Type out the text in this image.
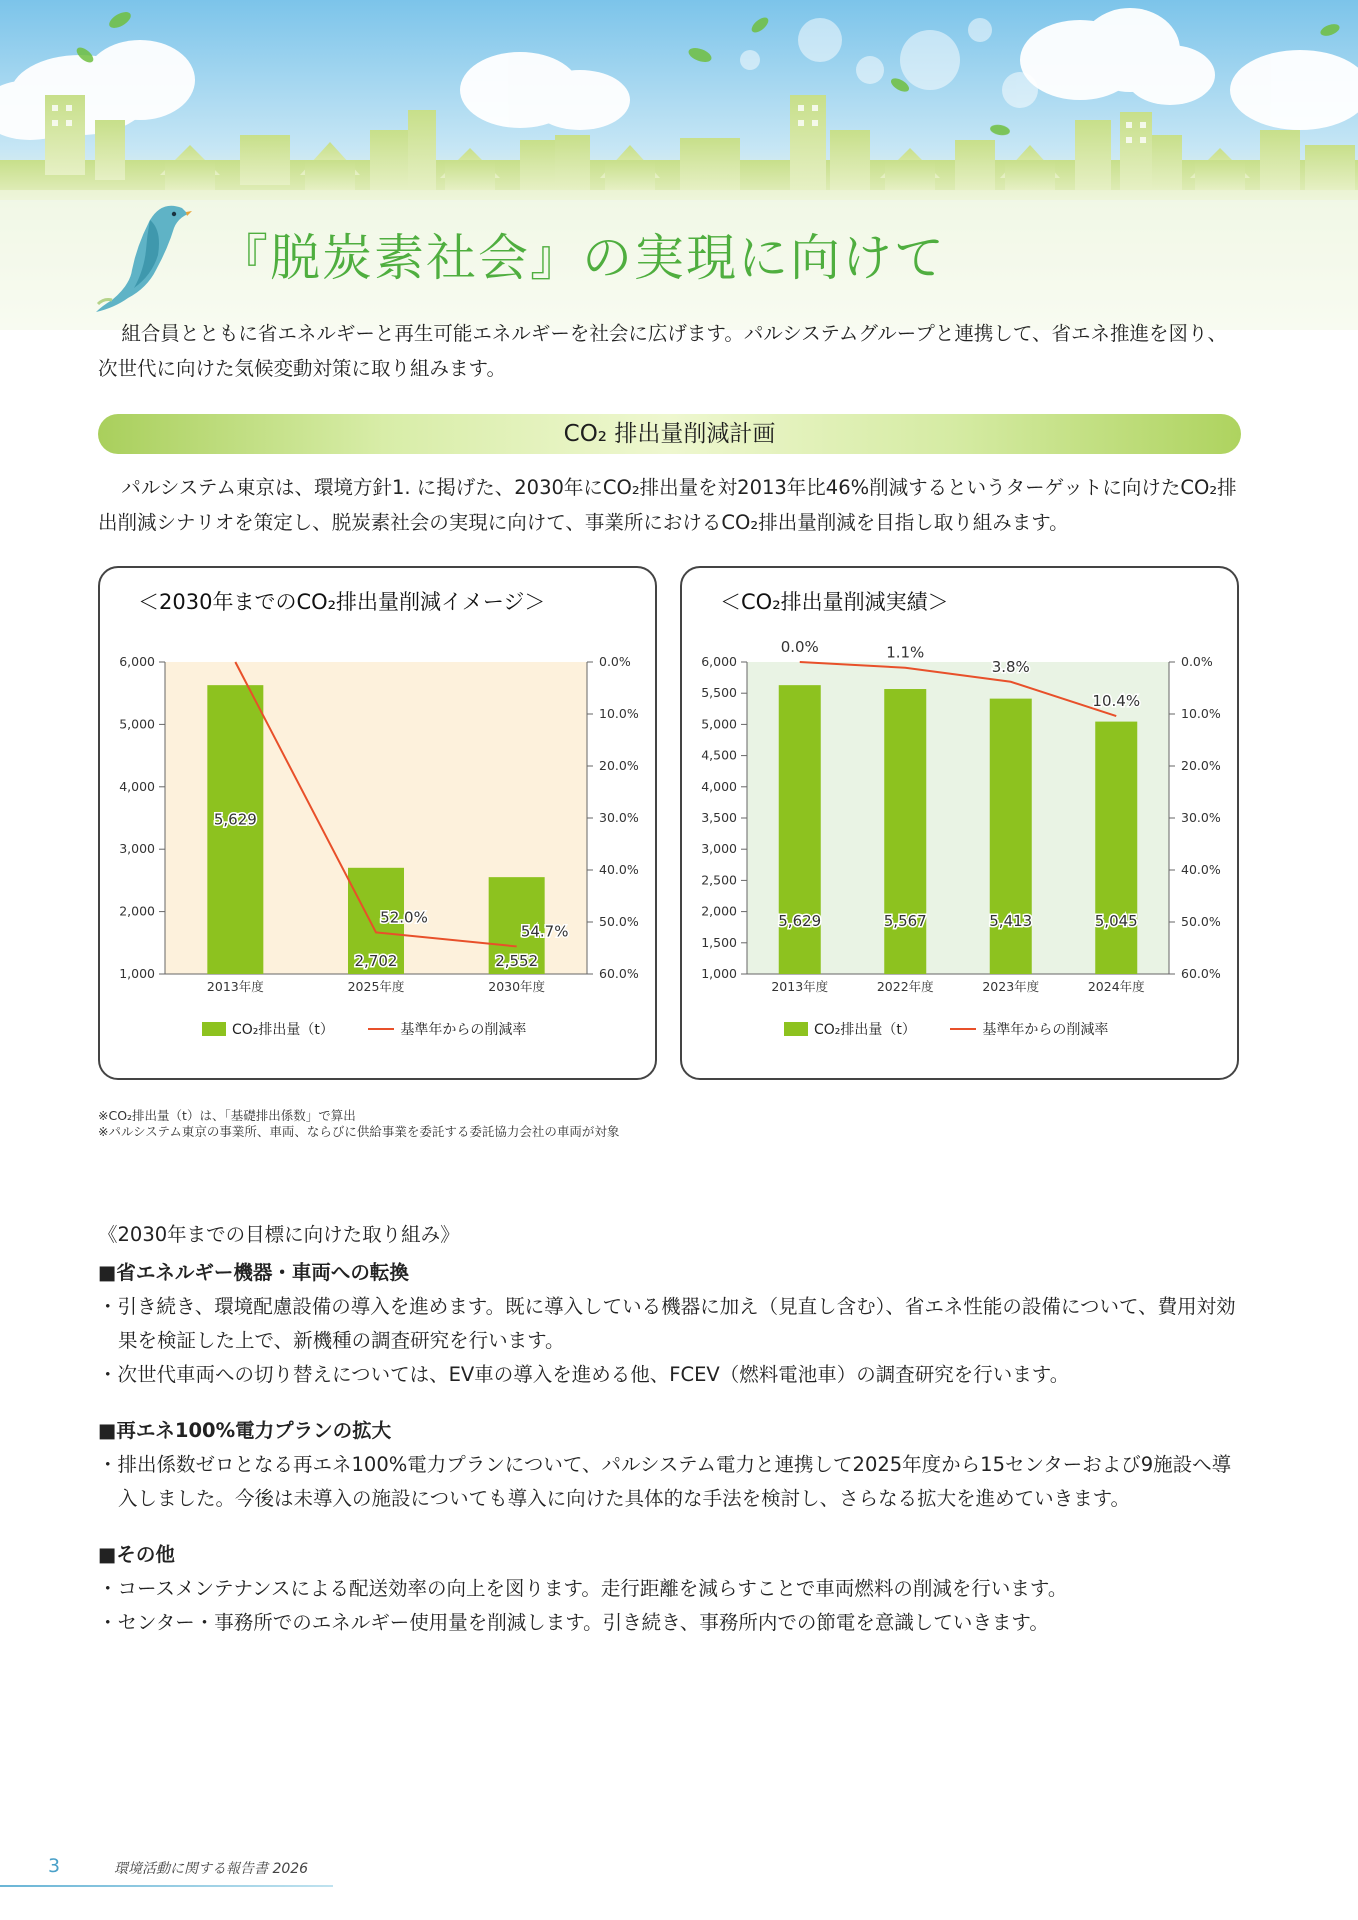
『脱炭素社会』の実現に向けて

組合員とともに省エネルギーと再生可能エネルギーを社会に広げます。パルシステムグループと連携して、省エネ推進を図り、次世代に向けた気候変動対策に取り組みます。

CO₂ 排出量削減計画

パルシステム東京は、環境方針1. に掲げた、2030年にCO₂排出量を対2013年比46%削減するというターゲットに向けたCO₂排出削減シナリオを策定し、脱炭素社会の実現に向けて、事業所におけるCO₂排出量削減を目指し取り組みます。

1,000
2,000
3,000
4,000
5,000
6,000	0.0%
10.0%
20.0%
30.0%
40.0%
50.0%
60.0%
5,629
2013年度
2,702
2025年度
2,552
2030年度
52.0%
54.7%
＜2030年までのCO₂排出量削減イメージ＞
CO₂排出量（t）	基準年からの削減率
1,000
1,500
2,000
2,500
3,000
3,500
4,000
4,500
5,000
5,500
6,000	0.0%
10.0%
20.0%
30.0%
40.0%
50.0%
60.0%
5,629
2013年度
5,567
2022年度
5,413
2023年度
5,045
2024年度
0.0%	1.1%
3.8%
10.4%
＜CO₂排出量削減実績＞
CO₂排出量（t）	基準年からの削減率
※CO₂排出量（t）は、「基礎排出係数」で算出
※パルシステム東京の事業所、車両、ならびに供給事業を委託する委託協力会社の車両が対象

《2030年までの目標に向けた取り組み》

■省エネルギー機器・車両への転換

・引き続き、環境配慮設備の導入を進めます。既に導入している機器に加え（見直し含む）、省エネ性能の設備について、費用対効果を検証した上で、新機種の調査研究を行います。

・次世代車両への切り替えについては、EV車の導入を進める他、FCEV（燃料電池車）の調査研究を行います。

■再エネ100%電力プランの拡大

・排出係数ゼロとなる再エネ100%電力プランについて、パルシステム電力と連携して2025年度から15センターおよび9施設へ導入しました。今後は未導入の施設についても導入に向けた具体的な手法を検討し、さらなる拡大を進めていきます。

■その他

・コースメンテナンスによる配送効率の向上を図ります。走行距離を減らすことで車両燃料の削減を行います。

・センター・事務所でのエネルギー使用量を削減します。引き続き、事務所内での節電を意識していきます。

3	環境活動に関する報告書 2026
